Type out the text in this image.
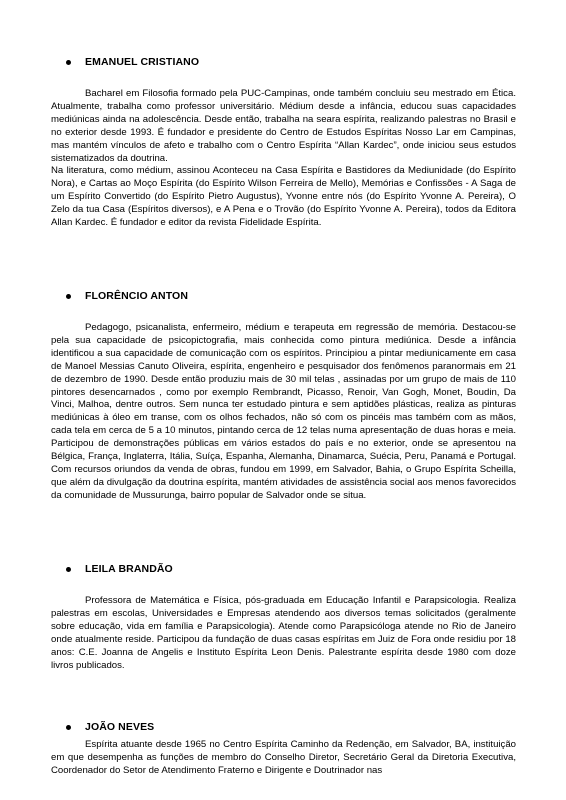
EMANUEL CRISTIANO

Bacharel em Filosofia formado pela PUC-Campinas, onde também concluiu seu mestrado em Ética. Atualmente, trabalha como professor universitário. Médium desde a infância, educou suas capacidades mediúnicas ainda na adolescência. Desde então, trabalha na seara espírita, realizando palestras no Brasil e no exterior desde 1993. É fundador e presidente do Centro de Estudos Espíritas Nosso Lar em Campinas, mas mantém vínculos de afeto e trabalho com o Centro Espírita “Allan Kardec”, onde iniciou seus estudos sistematizados da doutrina.

Na literatura, como médium, assinou Aconteceu na Casa Espírita e Bastidores da Mediunidade (do Espírito Nora), e Cartas ao Moço Espírita (do Espírito Wilson Ferreira de Mello), Memórias e Confissões - A Saga de um Espírito Convertido (do Espírito Pietro Augustus), Yvonne entre nós (do Espírito Yvonne A. Pereira), O Zelo da tua Casa (Espíritos diversos), e A Pena e o Trovão (do Espírito Yvonne A. Pereira), todos da Editora Allan Kardec. É fundador e editor da revista Fidelidade Espírita.

FLORÊNCIO ANTON

Pedagogo, psicanalista, enfermeiro, médium e terapeuta em regressão de memória. Destacou-se pela sua capacidade de psicopictografia, mais conhecida como pintura mediúnica. Desde a infância identificou a sua capacidade de comunicação com os espíritos. Principiou a pintar mediunicamente em casa de Manoel Messias Canuto Oliveira, espírita, engenheiro e pesquisador dos fenômenos paranormais em 21 de dezembro de 1990. Desde então produziu mais de 30 mil telas , assinadas por um grupo de mais de 110 pintores desencarnados , como por exemplo Rembrandt, Picasso, Renoir, Van Gogh, Monet, Boudin, Da Vinci, Malhoa, dentre outros. Sem nunca ter estudado pintura e sem aptidões plásticas, realiza as pinturas mediúnicas à óleo em transe, com os olhos fechados, não só com os pincéis mas também com as mãos, cada tela em cerca de 5 a 10 minutos, pintando cerca de 12 telas numa apresentação de duas horas e meia. Participou de demonstrações públicas em vários estados do país e no exterior, onde se apresentou na Bélgica, França, Inglaterra, Itália, Suíça, Espanha, Alemanha, Dinamarca, Suécia, Peru, Panamá e Portugal. Com recursos oriundos da venda de obras, fundou em 1999, em Salvador, Bahia, o Grupo Espírita Scheilla, que além da divulgação da doutrina espírita, mantém atividades de assistência social aos menos favorecidos da comunidade de Mussurunga, bairro popular de Salvador onde se situa.

LEILA BRANDÃO

Professora de Matemática e Física, pós-graduada em Educação Infantil e Parapsicologia. Realiza palestras em escolas, Universidades e Empresas atendendo aos diversos temas solicitados (geralmente sobre educação, vida em família e Parapsicologia). Atende como Parapsicóloga atende no Rio de Janeiro onde atualmente reside. Participou da fundação de duas casas espíritas em Juiz de Fora onde residiu por 18 anos: C.E. Joanna de Angelis e Instituto Espírita Leon Denis. Palestrante espírita desde 1980 com doze livros publicados.

JOÃO NEVES

Espírita atuante desde 1965 no Centro Espírita Caminho da Redenção, em Salvador, BA, instituição em que desempenha as funções de membro do Conselho Diretor, Secretário Geral da Diretoria Executiva, Coordenador do Setor de Atendimento Fraterno e Dirigente e Doutrinador nas
